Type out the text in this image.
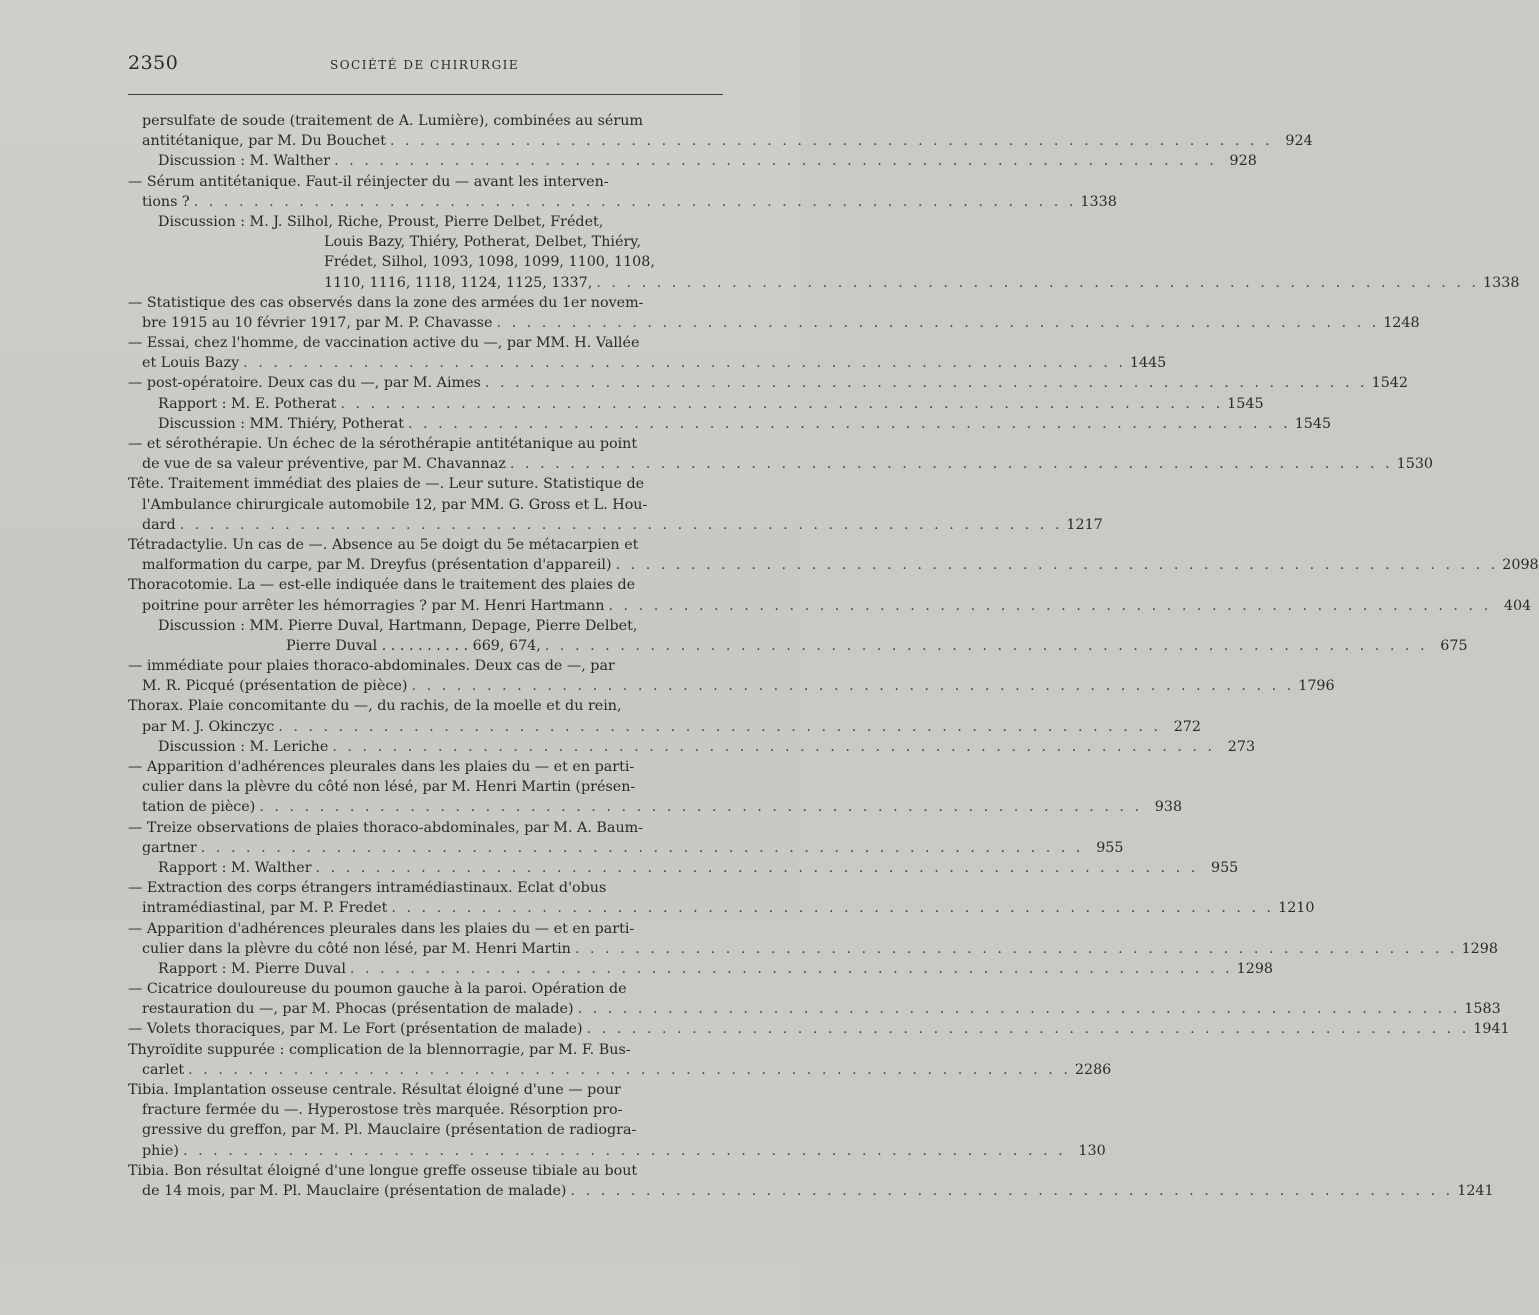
2350	SOCIÉTÉ DE CHIRURGIE
persulfate de soude (traitement de A. Lumière), combinées au sérum
antitétanique, par M. Du Bouchet . . .	924
Discussion : M. Walther . . .	928
— Sérum antitétanique. Faut-il réinjecter du — avant les interven-
tions ? . . .	1338
Discussion : M. J. Silhol, Riche, Proust, Pierre Delbet, Frédet,
Louis Bazy, Thiéry, Potherat, Delbet, Thiéry,
Frédet, Silhol, 1093, 1098, 1099, 1100, 1108,
1110, 1116, 1118, 1124, 1125, 1337, . . .	1338
— Statistique des cas observés dans la zone des armées du 1er novem-
bre 1915 au 10 février 1917, par M. P. Chavasse . . .	1248
— Essai, chez l'homme, de vaccination active du —, par MM. H. Vallée
et Louis Bazy . . .	1445
— post-opératoire. Deux cas du —, par M. Aimes . . .	1542
Rapport : M. E. Potherat . . .	1545
Discussion : MM. Thiéry, Potherat . . .	1545
— et sérothérapie. Un échec de la sérothérapie antitétanique au point
de vue de sa valeur préventive, par M. Chavannaz . . .	1530
Tête. Traitement immédiat des plaies de —. Leur suture. Statistique de
l'Ambulance chirurgicale automobile 12, par MM. G. Gross et L. Hou-
dard . . .	1217
Tétradactylie. Un cas de —. Absence au 5e doigt du 5e métacarpien et
malformation du carpe, par M. Dreyfus (présentation d'appareil) . . .	2098
Thoracotomie. La — est-elle indiquée dans le traitement des plaies de
poitrine pour arrêter les hémorragies ? par M. Henri Hartmann . . .	404
Discussion : MM. Pierre Duval, Hartmann, Depage, Pierre Delbet,
Pierre Duval . . . . . . . . . . 669, 674, . . .	675
— immédiate pour plaies thoraco-abdominales. Deux cas de —, par
M. R. Picqué (présentation de pièce) . . .	1796
Thorax. Plaie concomitante du —, du rachis, de la moelle et du rein,
par M. J. Okinczyc . . .	272
Discussion : M. Leriche . . .	273
— Apparition d'adhérences pleurales dans les plaies du — et en parti-
culier dans la plèvre du côté non lésé, par M. Henri Martin (présen-
tation de pièce) . . .	938
— Treize observations de plaies thoraco-abdominales, par M. A. Baum-
gartner . . .	955
Rapport : M. Walther . . .	955
— Extraction des corps étrangers intramédiastinaux. Eclat d'obus
intramédiastinal, par M. P. Fredet . . .	1210
— Apparition d'adhérences pleurales dans les plaies du — et en parti-
culier dans la plèvre du côté non lésé, par M. Henri Martin . . .	1298
Rapport : M. Pierre Duval . . .	1298
— Cicatrice douloureuse du poumon gauche à la paroi. Opération de
restauration du —, par M. Phocas (présentation de malade) . . .	1583
— Volets thoraciques, par M. Le Fort (présentation de malade) . . .	1941
Thyroïdite suppurée : complication de la blennorragie, par M. F. Bus-
carlet . . .	2286
Tibia. Implantation osseuse centrale. Résultat éloigné d'une — pour
fracture fermée du —. Hyperostose très marquée. Résorption pro-
gressive du greffon, par M. Pl. Mauclaire (présentation de radiogra-
phie) . . .	130
Tibia. Bon résultat éloigné d'une longue greffe osseuse tibiale au bout
de 14 mois, par M. Pl. Mauclaire (présentation de malade) . . .	1241
